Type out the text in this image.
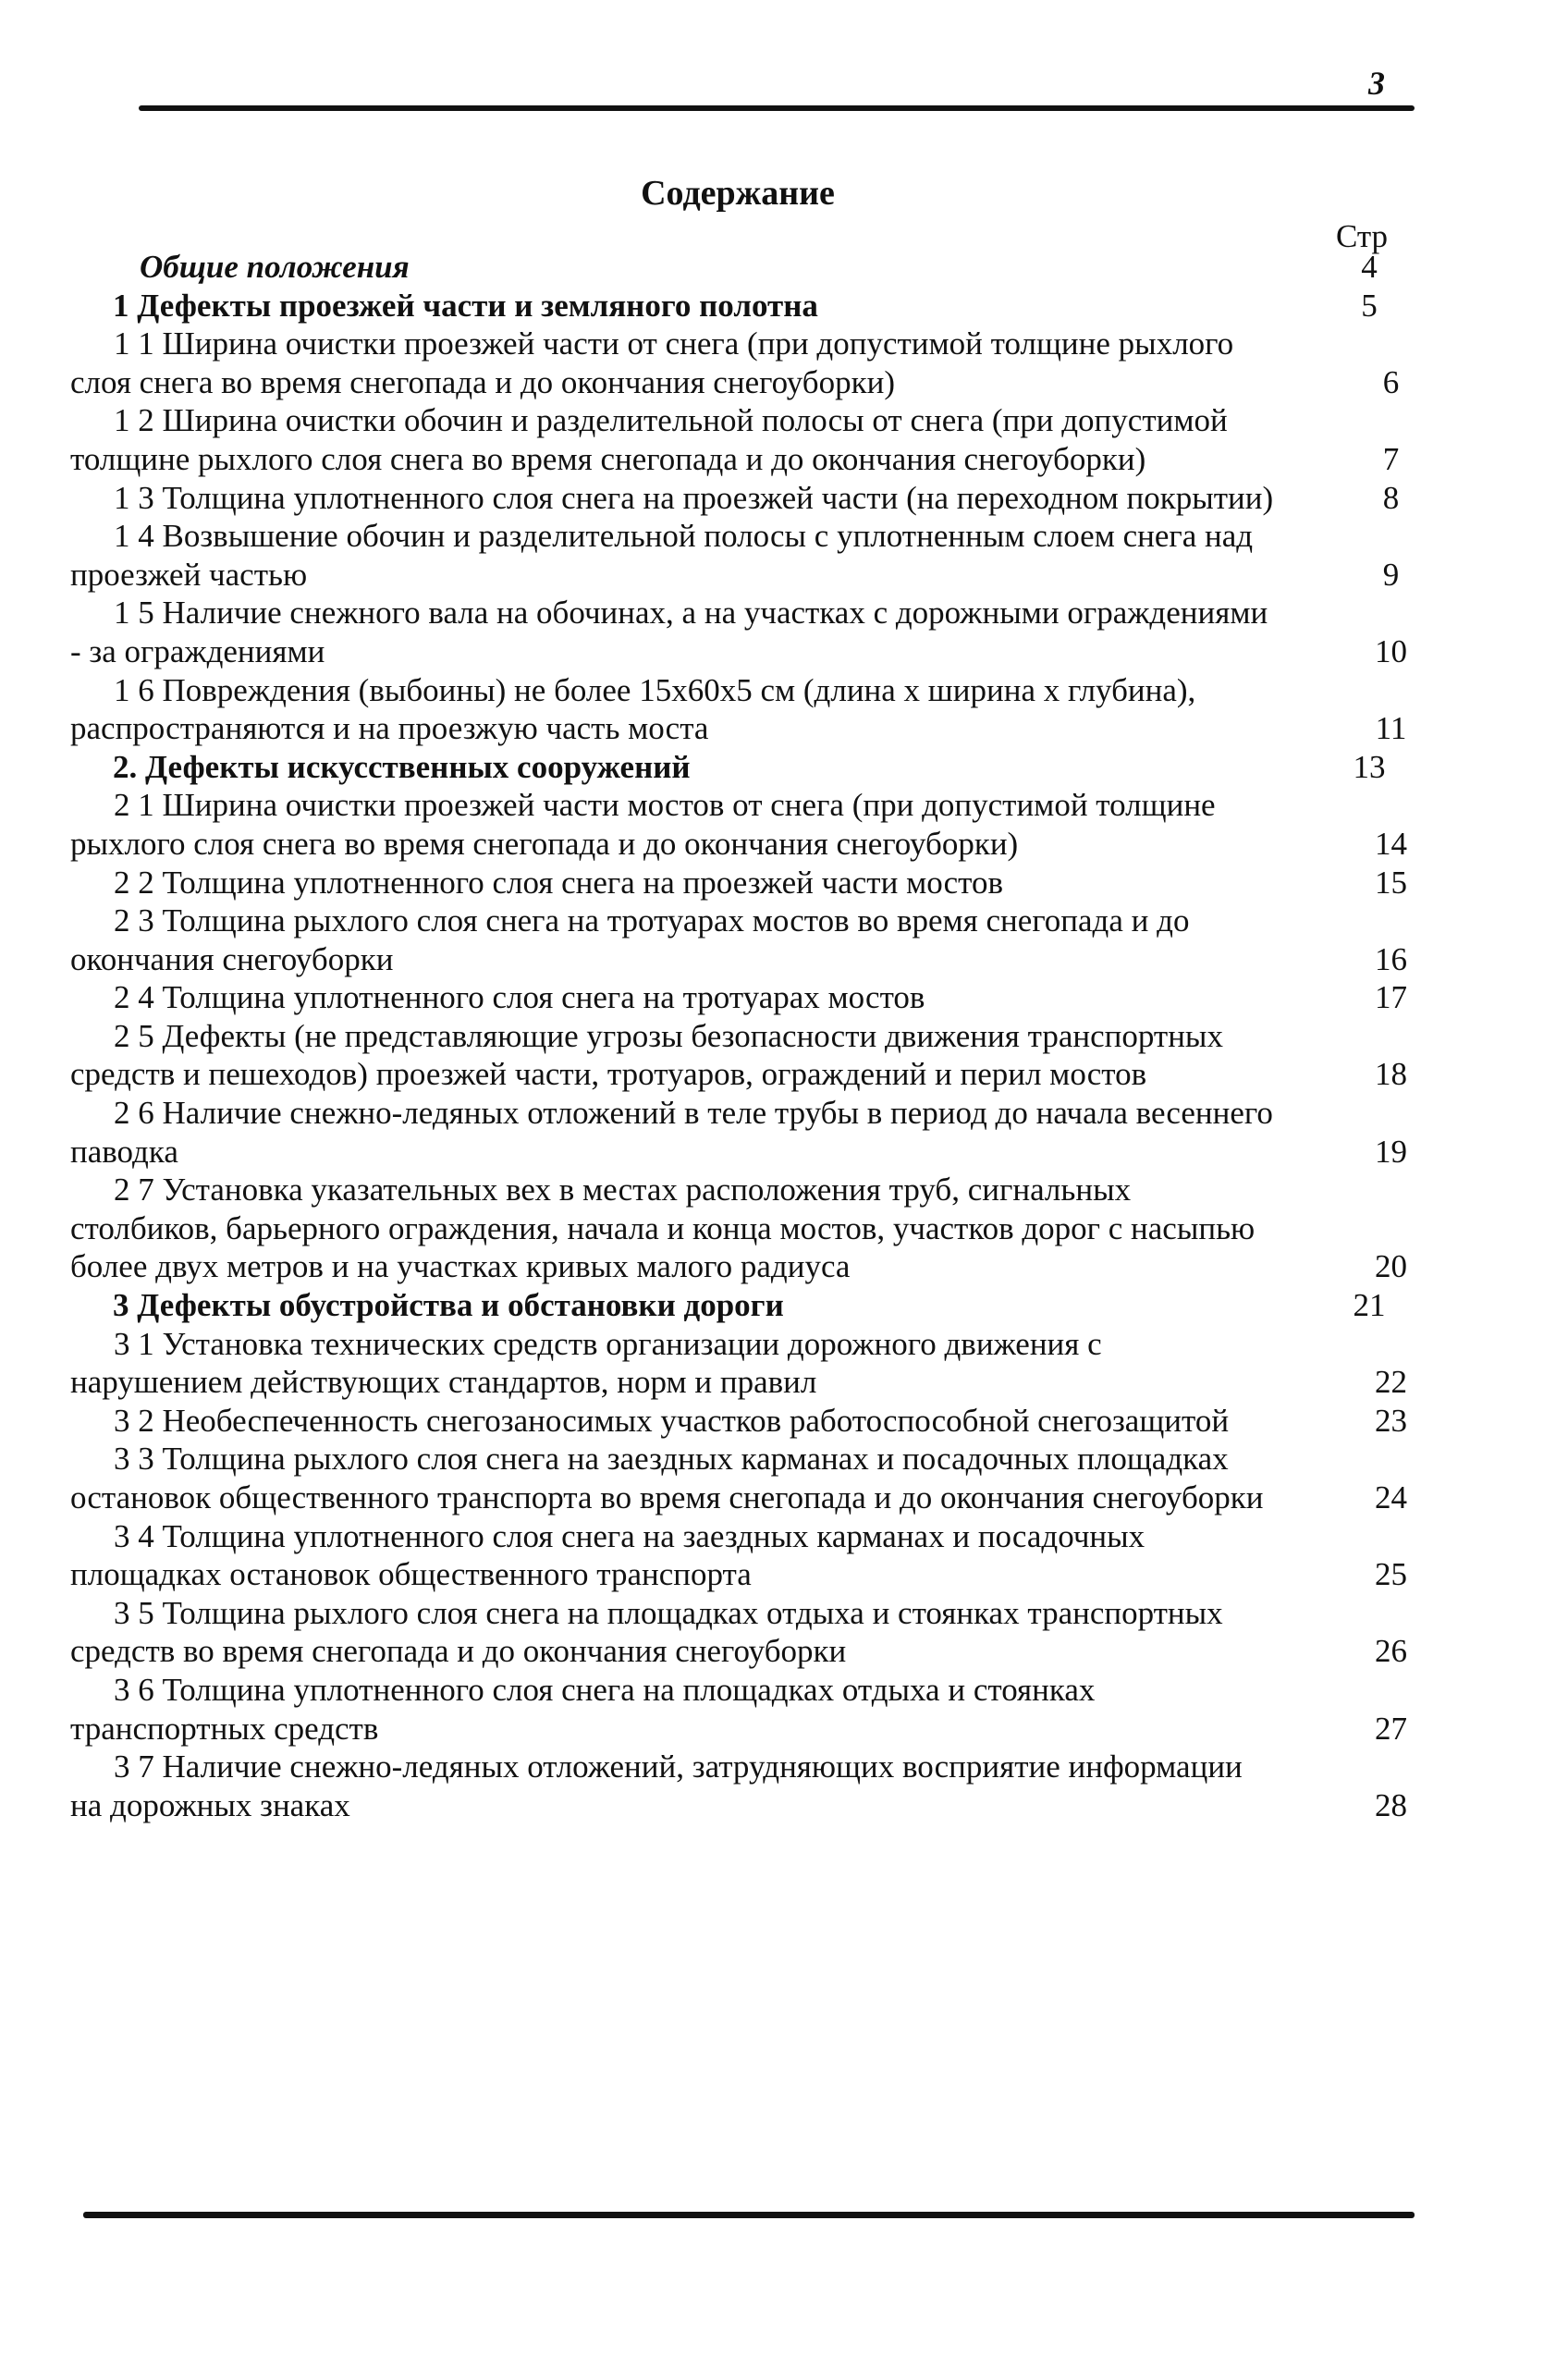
3
Содержание
Стр
Общие положения	4
1 Дефекты проезжей части и земляного полотна	5
1 1 Ширина очистки проезжей части от снега (при допустимой толщине рыхлого слоя снега во время снегопада и до окончания снегоуборки)	6
1 2 Ширина очистки обочин и разделительной полосы от снега (при допустимой толщине рыхлого слоя снега во время снегопада и до окончания снегоуборки)	7
1 3 Толщина уплотненного слоя снега на проезжей части (на переходном покрытии)	8
1 4 Возвышение обочин и разделительной полосы с уплотненным слоем снега над проезжей частью	9
1 5 Наличие снежного вала на обочинах, а на участках с дорожными ограждениями - за ограждениями	10
1 6 Повреждения (выбоины) не более 15х60х5 см (длина х ширина х глубина), распространяются и на проезжую часть моста	11
2. Дефекты искусственных сооружений	13
2 1 Ширина очистки проезжей части мостов от снега (при допустимой толщине рыхлого слоя снега во время снегопада и до окончания снегоуборки)	14
2 2 Толщина уплотненного слоя снега на проезжей части мостов	15
2 3 Толщина рыхлого слоя снега на тротуарах мостов во время снегопада и до окончания снегоуборки	16
2 4 Толщина уплотненного слоя снега на тротуарах мостов	17
2 5 Дефекты (не представляющие угрозы безопасности движения транспортных средств и пешеходов) проезжей части, тротуаров, ограждений и перил мостов	18
2 6 Наличие снежно-ледяных отложений в теле трубы в период до начала весеннего паводка	19
2 7 Установка указательных вех в местах расположения труб, сигнальных столбиков, барьерного ограждения, начала и конца мостов, участков дорог с насыпью более двух метров и на участках кривых малого радиуса	20
3 Дефекты обустройства и обстановки дороги	21
3 1 Установка технических средств организации дорожного движения с нарушением действующих стандартов, норм и правил	22
3 2 Необеспеченность снегозаносимых участков работоспособной снегозащитой	23
3 3 Толщина рыхлого слоя снега на заездных карманах и посадочных площадках остановок общественного транспорта во время снегопада и до окончания снегоуборки	24
3 4 Толщина уплотненного слоя снега на заездных карманах и посадочных площадках остановок общественного транспорта	25
3 5 Толщина рыхлого слоя снега на площадках отдыха и стоянках транспортных средств во время снегопада и до окончания снегоуборки	26
3 6 Толщина уплотненного слоя снега на площадках отдыха и стоянках транспортных средств	27
3 7 Наличие снежно-ледяных отложений, затрудняющих восприятие информации на дорожных знаках	28
